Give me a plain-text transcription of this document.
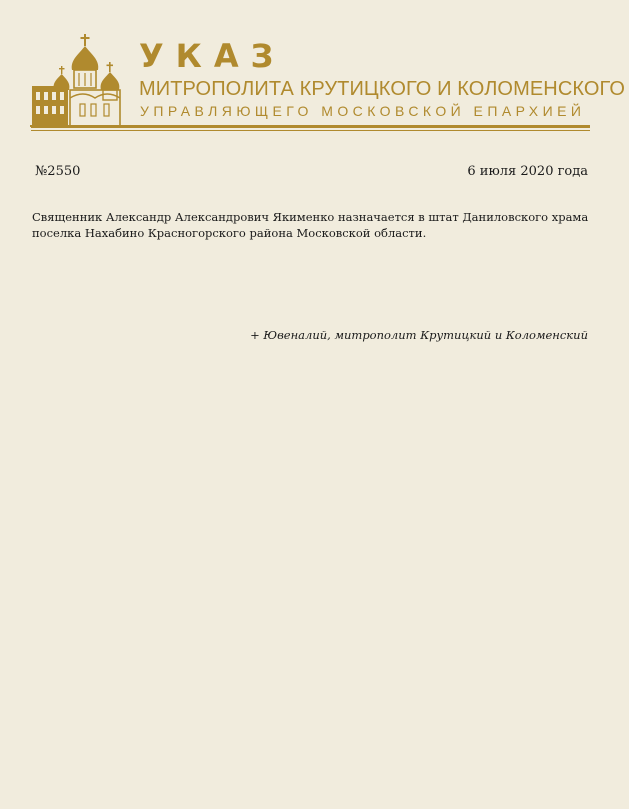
УКАЗ
МИТРОПОЛИТА КРУТИЦКОГО И КОЛОМЕНСКОГО
УПРАВЛЯЮЩЕГО МОСКОВСКОЙ ЕПАРХИЕЙ
№2550	6 июля 2020 года
Священник Александр Александрович Якименко назначается в штат Даниловского храма поселка Нахабино Красногорского района Московской области.
+ Ювеналий, митрополит Крутицкий и Коломенский
